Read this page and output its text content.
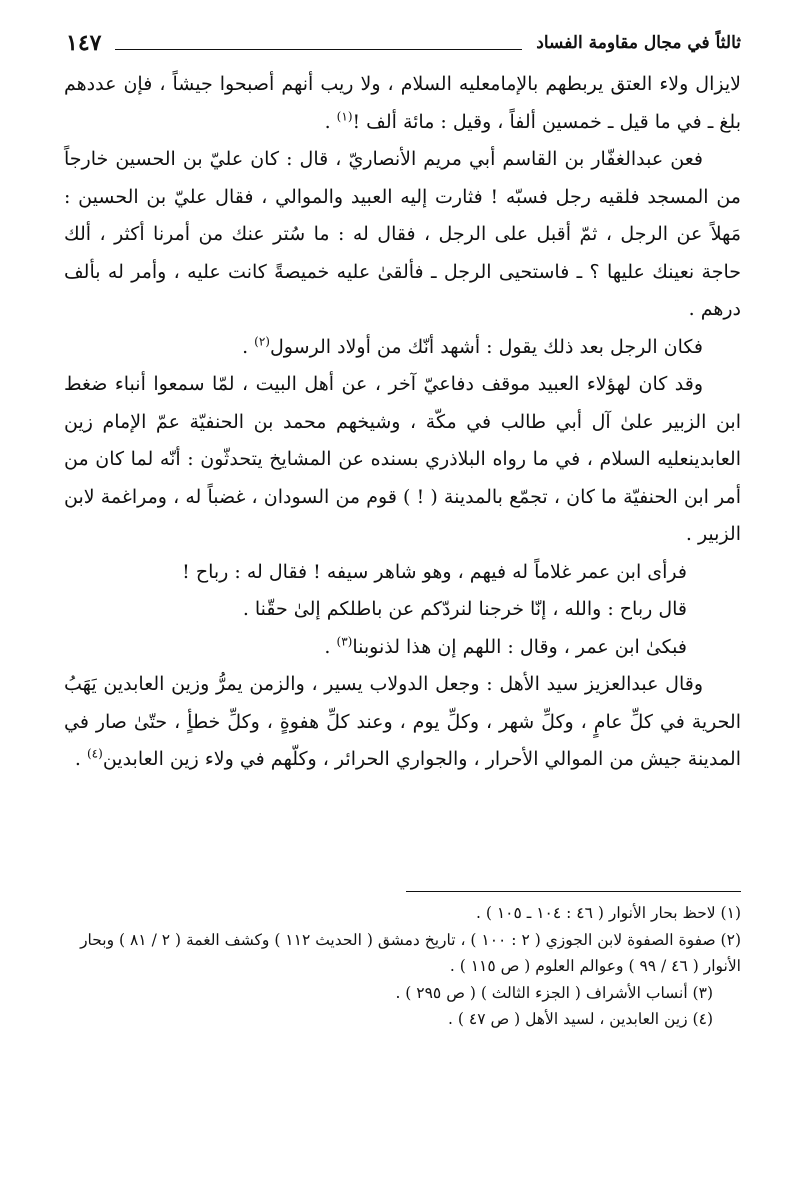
ثالثاً في مجال مقاومة الفساد
١٤٧

لايزال ولاء العتق يربطهم بالإمامعليه السلام ، ولا ريب أنهم أصبحوا جيشاً ، فإن عددهم بلغ ـ في ما قيل ـ خمسين ألفاً ، وقيل : مائة ألف !$^{(١)}$ .

فعن عبدالغفّار بن القاسم أبي مريم الأنصاريّ ، قال : كان عليّ بن الحسين خارجاً من المسجد فلقيه رجل فسبّه ! فثارت إليه العبيد والموالي ، فقال عليّ بن الحسين : مَهلاً عن الرجل ، ثمّ أقبل على الرجل ، فقال له : ما سُتر عنك من أمرنا أكثر ، ألك حاجة نعينك عليها ؟ ـ فاستحيى الرجل ـ فألقىٰ عليه خميصةً كانت عليه ، وأمر له بألف درهم .

فكان الرجل بعد ذلك يقول : أشهد أنّك من أولاد الرسول$^{(٢)}$ .

وقد كان لهؤلاء العبيد موقف دفاعيّ آخر ، عن أهل البيت ، لمّا سمعوا أنباء ضغط ابن الزبير علىٰ آل أبي طالب في مكّة ، وشيخهم محمد بن الحنفيّة عمّ الإمام زين العابدينعليه السلام ، في ما رواه البلاذري بسنده عن المشايخ يتحدثّون : أنّه لما كان من أمر ابن الحنفيّة ما كان ، تجمّع بالمدينة ( ! ) قوم من السودان ، غضباً له ، ومراغمة لابن الزبير .

فرأى ابن عمر غلاماً له فيهم ، وهو شاهر سيفه ! فقال له : رباح !

قال رباح : والله ، إنّا خرجنا لنردّكم عن باطلكم إلىٰ حقّنا .

فبكىٰ ابن عمر ، وقال : اللهم إن هذا لذنوبنا$^{(٣)}$ .

وقال عبدالعزيز سيد الأهل : وجعل الدولاب يسير ، والزمن يمرُّ وزين العابدين يَهَبُ الحرية في كلِّ عامٍ ، وكلِّ شهر ، وكلِّ يوم ، وعند كلِّ هفوةٍ ، وكلِّ خطأٍ ، حتّىٰ صار في المدينة جيش من الموالي الأحرار ، والجواري الحرائر ، وكلّهم في ولاء زين العابدين$^{(٤)}$ .

(١) لاحظ بحار الأنوار ( ٤٦ : ١٠٤ ـ ١٠٥ ) .

(٢) صفوة الصفوة لابن الجوزي ( ٢ : ١٠٠ ) ، تاريخ دمشق ( الحديث ١١٢ ) وكشف الغمة ( ٢ / ٨١ ) وبحار الأنوار ( ٤٦ / ٩٩ ) وعوالم العلوم ( ص ١١٥ ) .

(٣) أنساب الأشراف ( الجزء الثالث ) ( ص ٢٩٥ ) .

(٤) زين العابدين ، لسيد الأهل ( ص ٤٧ ) .
